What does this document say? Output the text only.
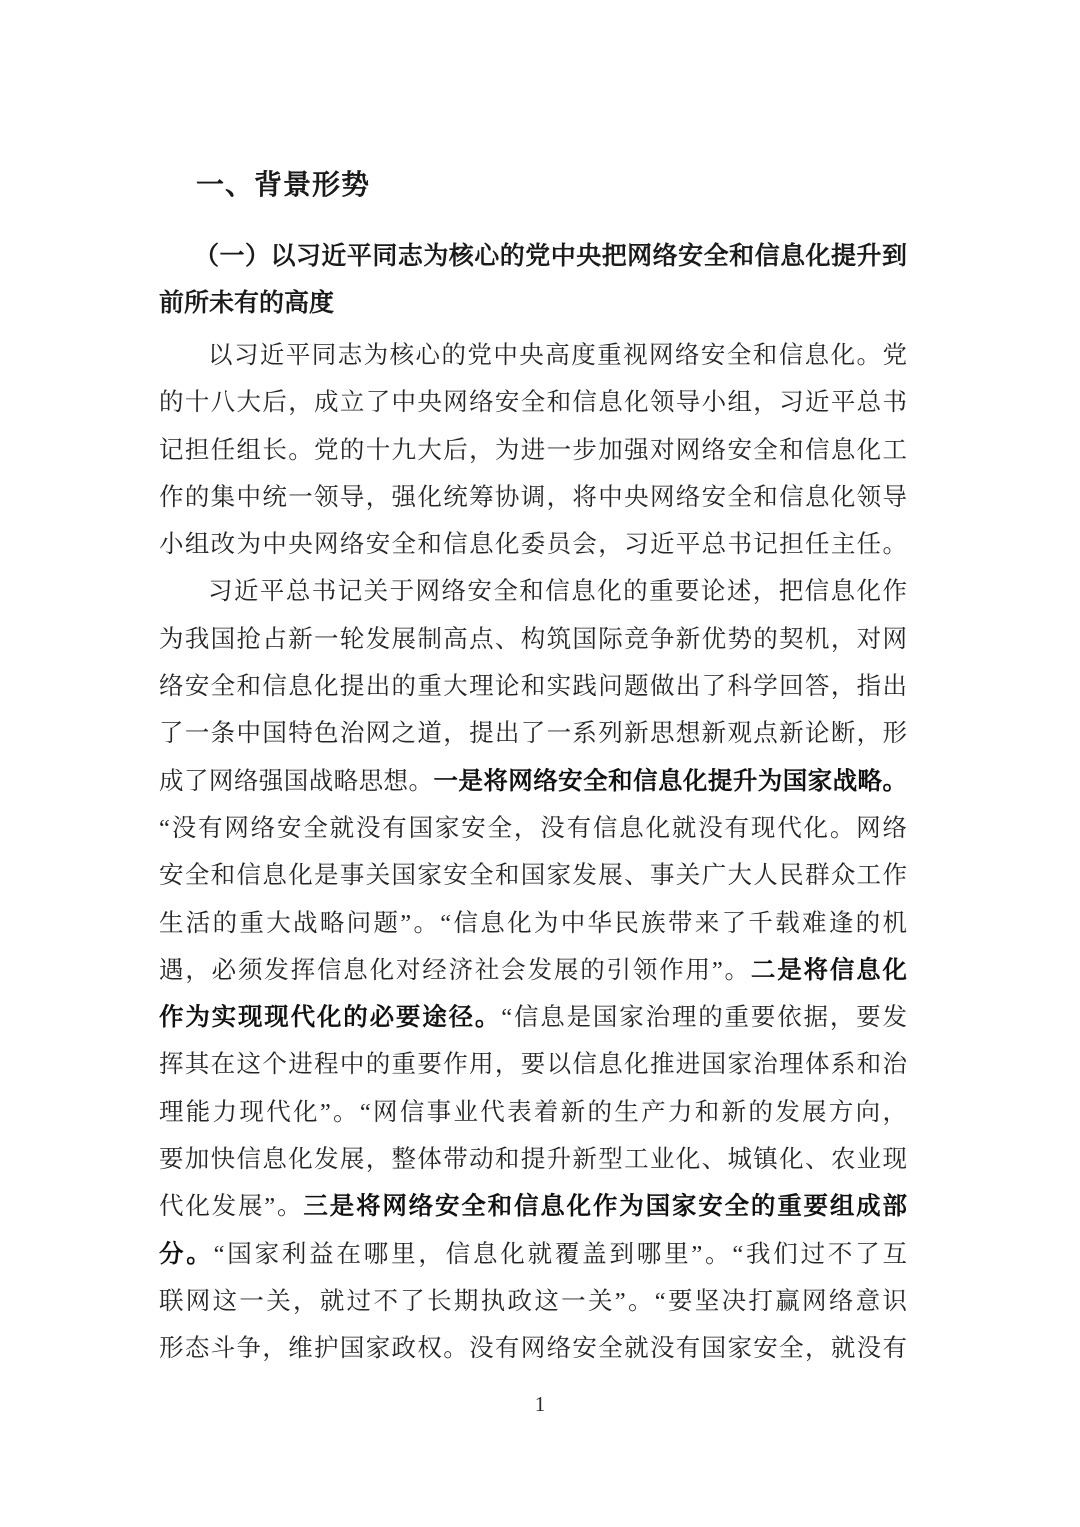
一、背景形势
（一）以习近平同志为核心的党中央把网络安全和信息化提升到
前所未有的高度
以习近平同志为核心的党中央高度重视网络安全和信息化。党
的十八大后，成立了中央网络安全和信息化领导小组，习近平总书
记担任组长。党的十九大后，为进一步加强对网络安全和信息化工
作的集中统一领导，强化统筹协调，将中央网络安全和信息化领导
小组改为中央网络安全和信息化委员会，习近平总书记担任主任。
习近平总书记关于网络安全和信息化的重要论述，把信息化作
为我国抢占新一轮发展制高点、构筑国际竞争新优势的契机，对网
络安全和信息化提出的重大理论和实践问题做出了科学回答，指出
了一条中国特色治网之道，提出了一系列新思想新观点新论断，形
成了网络强国战略思想。一是将网络安全和信息化提升为国家战略。
“没有网络安全就没有国家安全，没有信息化就没有现代化。网络
安全和信息化是事关国家安全和国家发展、事关广大人民群众工作
生活的重大战略问题”。“信息化为中华民族带来了千载难逢的机
遇，必须发挥信息化对经济社会发展的引领作用”。二是将信息化
作为实现现代化的必要途径。“信息是国家治理的重要依据，要发
挥其在这个进程中的重要作用，要以信息化推进国家治理体系和治
理能力现代化”。“网信事业代表着新的生产力和新的发展方向，
要加快信息化发展，整体带动和提升新型工业化、城镇化、农业现
代化发展”。三是将网络安全和信息化作为国家安全的重要组成部
分。“国家利益在哪里，信息化就覆盖到哪里”。“我们过不了互
联网这一关，就过不了长期执政这一关”。“要坚决打赢网络意识
形态斗争，维护国家政权。没有网络安全就没有国家安全，就没有
1
